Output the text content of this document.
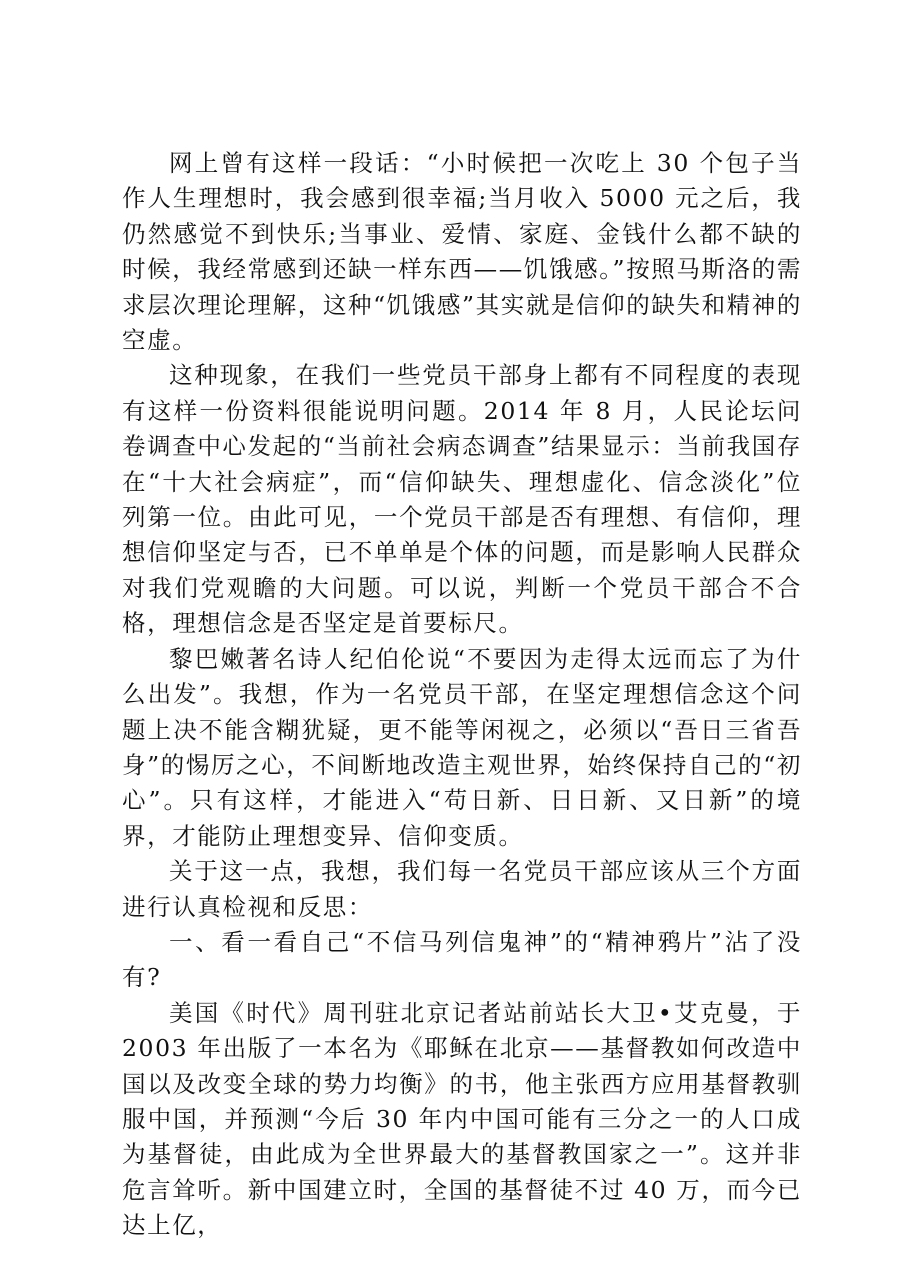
网上曾有这样一段话：“小时候把一次吃上 30 个包子当作人生理想时，我会感到很幸福;当月收入 5000 元之后，我仍然感觉不到快乐;当事业、爱情、家庭、金钱什么都不缺的时候，我经常感到还缺一样东西——饥饿感。”按照马斯洛的需求层次理论理解，这种“饥饿感”其实就是信仰的缺失和精神的空虚。

这种现象，在我们一些党员干部身上都有不同程度的表现有这样一份资料很能说明问题。2014 年 8 月，人民论坛问卷调查中心发起的“当前社会病态调查”结果显示：当前我国存在“十大社会病症”，而“信仰缺失、理想虚化、信念淡化”位列第一位。由此可见，一个党员干部是否有理想、有信仰，理想信仰坚定与否，已不单单是个体的问题，而是影响人民群众对我们党观瞻的大问题。可以说，判断一个党员干部合不合格，理想信念是否坚定是首要标尺。

黎巴嫩著名诗人纪伯伦说“不要因为走得太远而忘了为什么出发”。我想，作为一名党员干部，在坚定理想信念这个问题上决不能含糊犹疑，更不能等闲视之，必须以“吾日三省吾身”的惕厉之心，不间断地改造主观世界，始终保持自己的“初心”。只有这样，才能进入“苟日新、日日新、又日新”的境界，才能防止理想变异、信仰变质。

关于这一点，我想，我们每一名党员干部应该从三个方面进行认真检视和反思：

一、看一看自己“不信马列信鬼神”的“精神鸦片”沾了没有?

美国《时代》周刊驻北京记者站前站长大卫•艾克曼，于 2003 年出版了一本名为《耶稣在北京——基督教如何改造中国以及改变全球的势力均衡》的书，他主张西方应用基督教驯服中国，并预测“今后 30 年内中国可能有三分之一的人口成为基督徒，由此成为全世界最大的基督教国家之一”。这并非危言耸听。新中国建立时，全国的基督徒不过 40 万，而今已达上亿，
